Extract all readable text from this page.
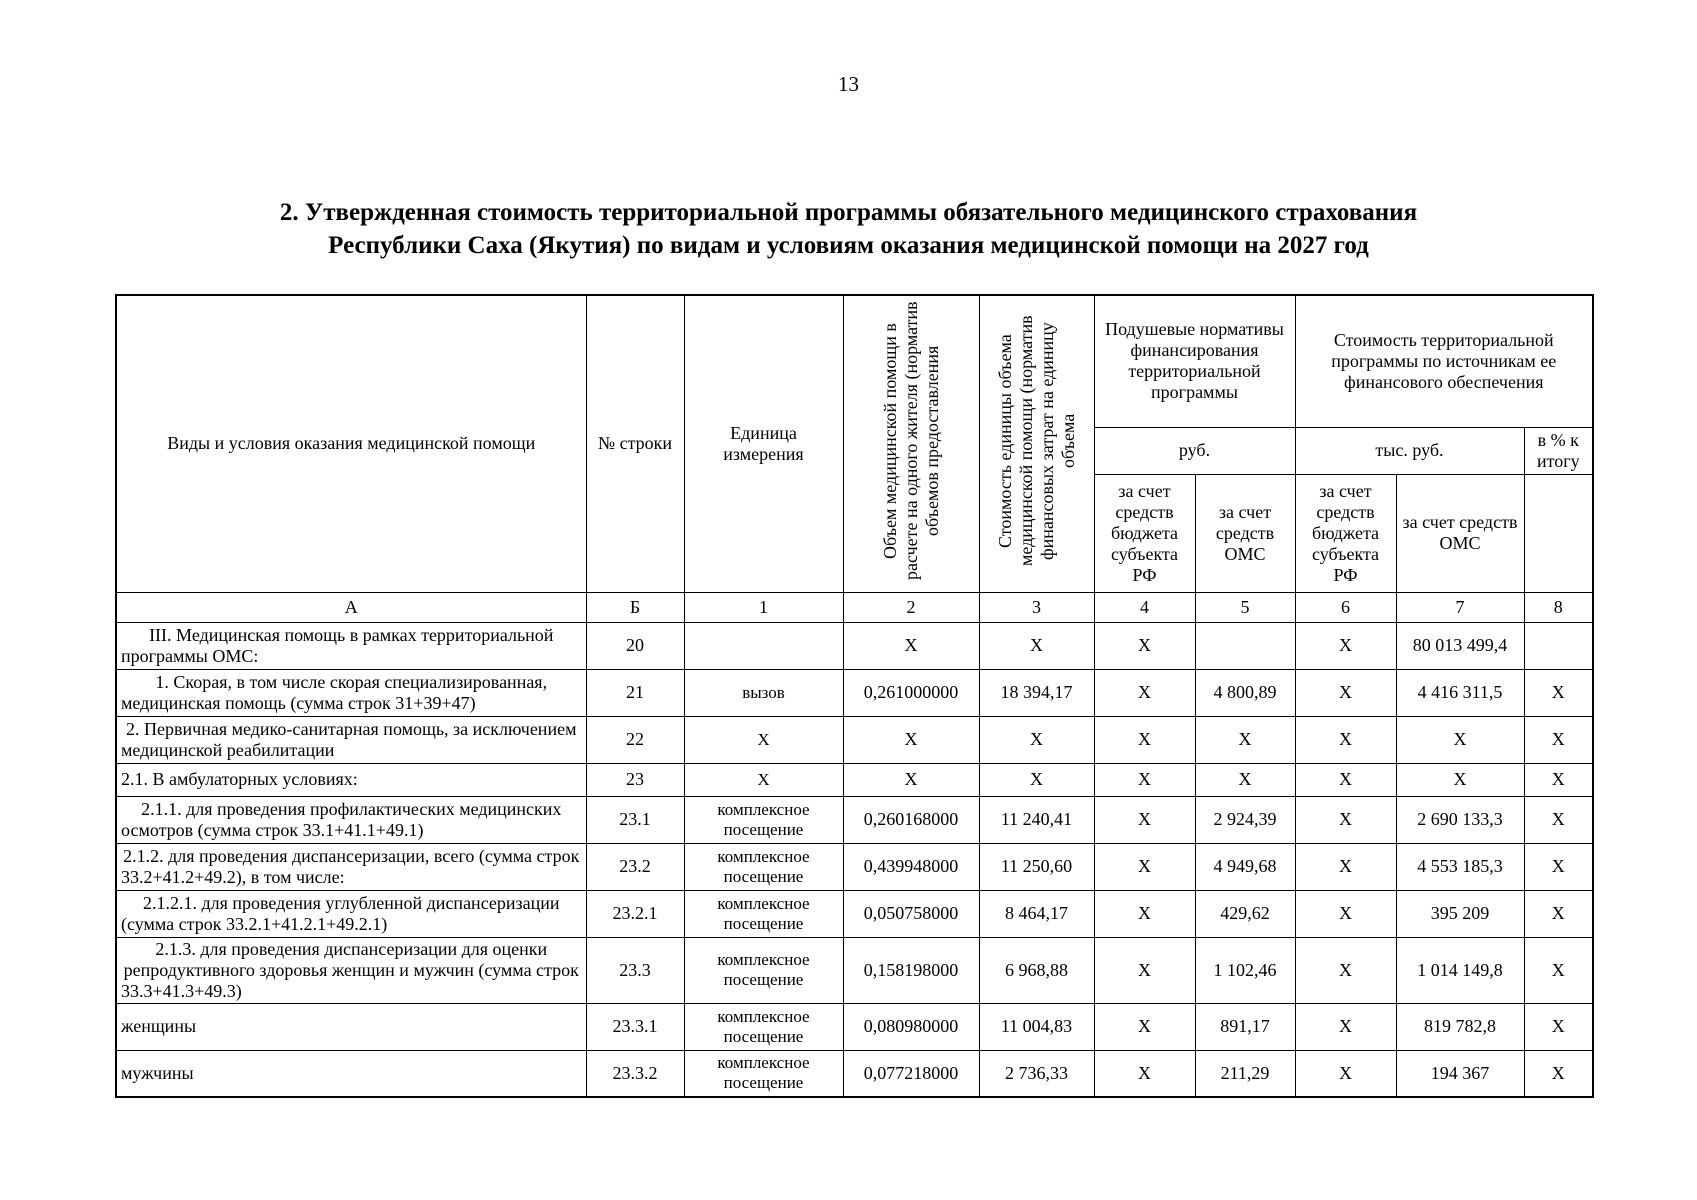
13
2. Утвержденная стоимость территориальной программы обязательного медицинского страхования
Республики Саха (Якутия) по видам и условиям оказания медицинской помощи на 2027 год
Виды и условия оказания медицинской помощи	№ строки	Единица измерения	Объем медицинской помощи в расчете на одного жителя (норматив объемов предоставления	Стоимость единицы объема медицинской помощи (норматив финансовых затрат на единицу объема	Подушевые нормативы финансирования территориальной программы		Стоимость территориальной программы по источникам ее финансового обеспечения		
					руб.		тыс. руб.		в % к итогу
					за счет средств бюджета субъекта РФ	за счет средств ОМС	за счет средств бюджета субъекта РФ	за счет средств ОМС	
А	Б	1	2	3	4	5	6	7	8
III. Медицинская помощь в рамках территориальной программы ОМС:	20		Х	Х	Х		Х	80 013 499,4	
1. Скорая, в том числе скорая специализированная, медицинская помощь (сумма строк 31+39+47)	21	вызов	0,261000000	18 394,17	Х	4 800,89	Х	4 416 311,5	Х
2. Первичная медико-санитарная помощь, за исключением медицинской реабилитации	22	Х	Х	Х	Х	Х	Х	Х	Х
2.1. В амбулаторных условиях:	23	Х	Х	Х	Х	Х	Х	Х	Х
2.1.1. для проведения профилактических медицинских осмотров (сумма строк 33.1+41.1+49.1)	23.1	комплексное посещение	0,260168000	11 240,41	Х	2 924,39	Х	2 690 133,3	Х
2.1.2. для проведения диспансеризации, всего (сумма строк 33.2+41.2+49.2), в том числе:	23.2	комплексное посещение	0,439948000	11 250,60	Х	4 949,68	Х	4 553 185,3	Х
2.1.2.1. для проведения углубленной диспансеризации (сумма строк 33.2.1+41.2.1+49.2.1)	23.2.1	комплексное посещение	0,050758000	8 464,17	Х	429,62	Х	395 209	Х
2.1.3. для проведения диспансеризации для оценки репродуктивного здоровья женщин и мужчин (сумма строк 33.3+41.3+49.3)	23.3	комплексное посещение	0,158198000	6 968,88	Х	1 102,46	Х	1 014 149,8	Х
женщины	23.3.1	комплексное посещение	0,080980000	11 004,83	Х	891,17	Х	819 782,8	Х
мужчины	23.3.2	комплексное посещение	0,077218000	2 736,33	Х	211,29	Х	194 367	Х
